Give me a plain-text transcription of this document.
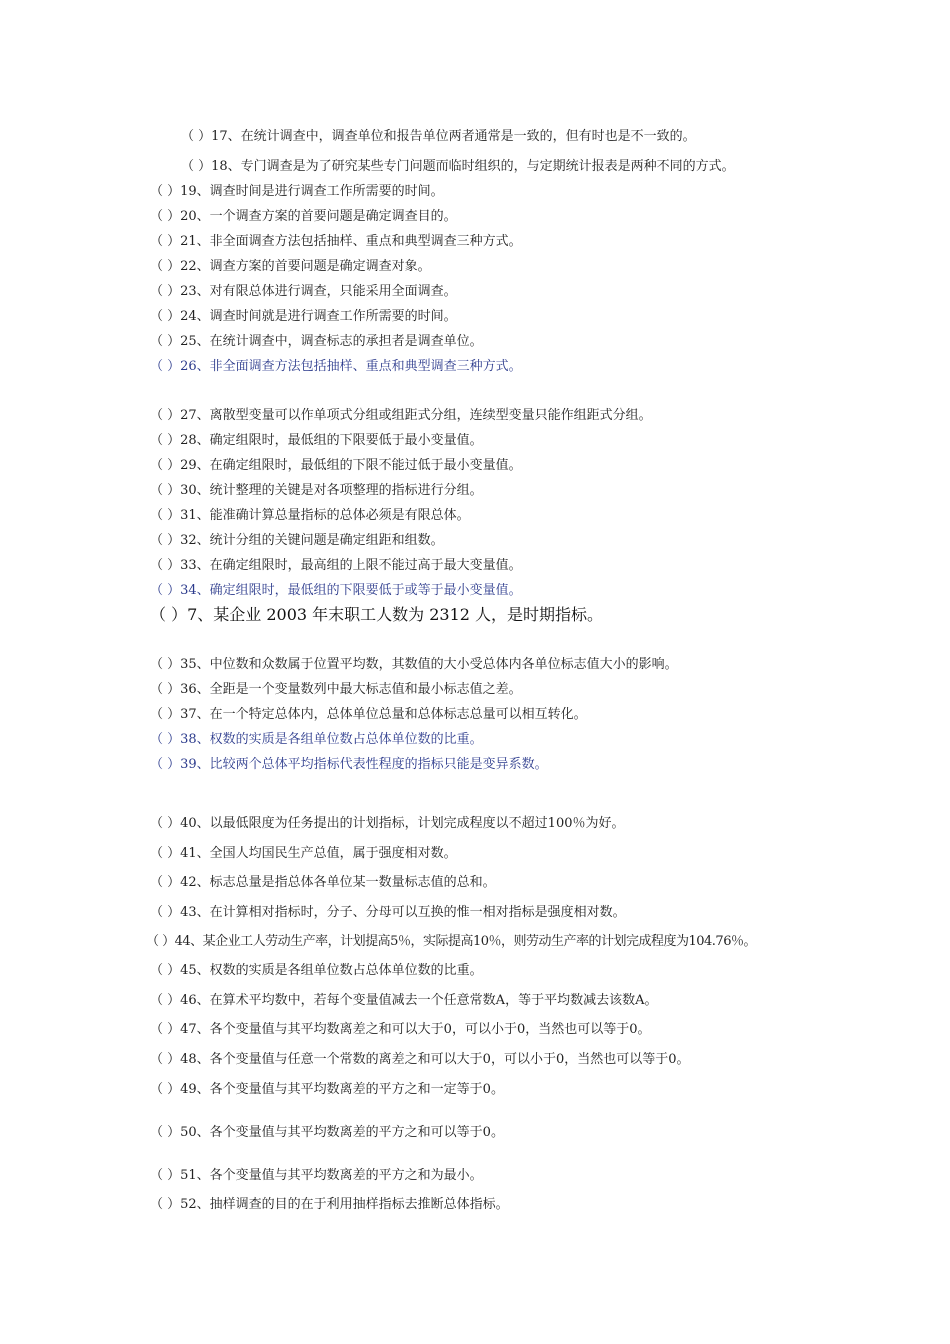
（ ）17、在统计调查中，调查单位和报告单位两者通常是一致的，但有时也是不一致的。
（ ）18、专门调查是为了研究某些专门问题而临时组织的，与定期统计报表是两种不同的方式。
（ ）19、调查时间是进行调查工作所需要的时间。
（ ）20、一个调查方案的首要问题是确定调查目的。
（ ）21、非全面调查方法包括抽样、重点和典型调查三种方式。
（ ）22、调查方案的首要问题是确定调查对象。
（ ）23、对有限总体进行调查，只能采用全面调查。
（ ）24、调查时间就是进行调查工作所需要的时间。
（ ）25、在统计调查中，调查标志的承担者是调查单位。
（ ）26、非全面调查方法包括抽样、重点和典型调查三种方式。
（ ）27、离散型变量可以作单项式分组或组距式分组，连续型变量只能作组距式分组。
（ ）28、确定组限时，最低组的下限要低于最小变量值。
（ ）29、在确定组限时，最低组的下限不能过低于最小变量值。
（ ）30、统计整理的关键是对各项整理的指标进行分组。
（ ）31、能准确计算总量指标的总体必须是有限总体。
（ ）32、统计分组的关键问题是确定组距和组数。
（ ）33、在确定组限时，最高组的上限不能过高于最大变量值。
（ ）34、确定组限时，最低组的下限要低于或等于最小变量值。
（ ）7、某企业 2003 年末职工人数为 2312 人，是时期指标。
（ ）35、中位数和众数属于位置平均数，其数值的大小受总体内各单位标志值大小的影响。
（ ）36、全距是一个变量数列中最大标志值和最小标志值之差。
（ ）37、在一个特定总体内，总体单位总量和总体标志总量可以相互转化。
（ ）38、权数的实质是各组单位数占总体单位数的比重。
（ ）39、比较两个总体平均指标代表性程度的指标只能是变异系数。
（ ）40、以最低限度为任务提出的计划指标，计划完成程度以不超过100％为好。
（ ）41、全国人均国民生产总值，属于强度相对数。
（ ）42、标志总量是指总体各单位某一数量标志值的总和。
（ ）43、在计算相对指标时，分子、分母可以互换的惟一相对指标是强度相对数。
（ ）44、某企业工人劳动生产率，计划提高5％，实际提高10％，则劳动生产率的计划完成程度为104.76％。
（ ）45、权数的实质是各组单位数占总体单位数的比重。
（ ）46、在算术平均数中，若每个变量值减去一个任意常数A，等于平均数减去该数A。
（ ）47、各个变量值与其平均数离差之和可以大于0，可以小于0，当然也可以等于0。
（ ）48、各个变量值与任意一个常数的离差之和可以大于0，可以小于0，当然也可以等于0。
（ ）49、各个变量值与其平均数离差的平方之和一定等于0。
（ ）50、各个变量值与其平均数离差的平方之和可以等于0。
（ ）51、各个变量值与其平均数离差的平方之和为最小。
（ ）52、抽样调查的目的在于利用抽样指标去推断总体指标。
